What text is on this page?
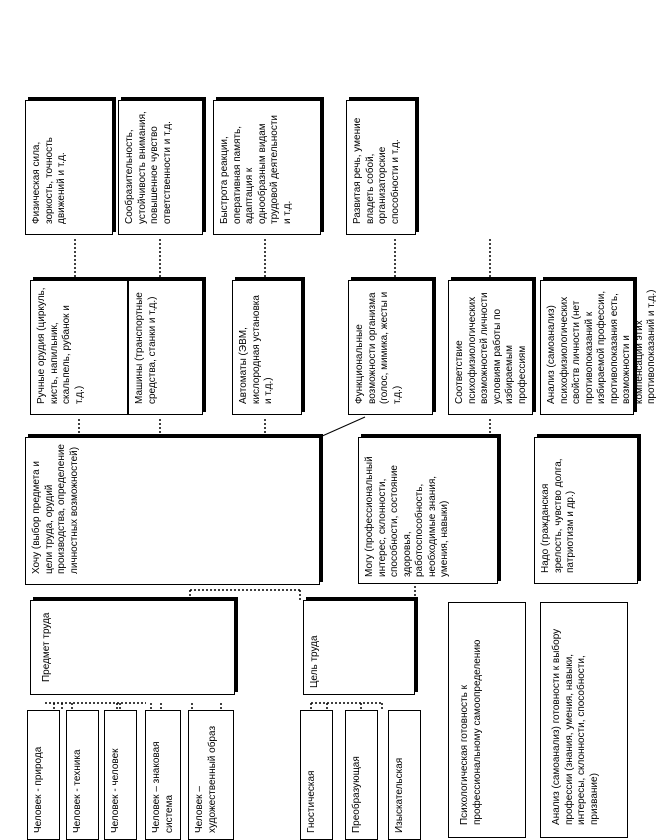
Человек - природа	Человек - техника	Человек - человек	Человек – знаковая система Человек – художественный образ	Гностическая	Преобразующая	Изыскательская
Предмет труда	Цель труда
Хочу (выбор предмета и цели труда, орудий производства, определение личностных возможностей)	Могу (профессиональный интерес, склонности, способности, состояние здоровья, работоспособность, необходимые знания, умения, навыки)	Надо (гражданская зрелость, чувство долга, патриотизм и др.)
Психологическая готовность к профессиональному самоопределению	Анализ (самоанализ) готовности к выбору профессии (знания, умения, навыки, интересы, склонности, способности, призвание)
Ручные орудия (циркуль, кисть, напильник, скальпель, рубанок и т.д.)	Машины (транспортные средства, станки и т.д.)	Автоматы (ЭВМ, кислородная установка и т.д.)	Функциональные возможности организма (голос, мимика, жесты и т.д.)	Соответствие психофизиологических возможностей личности условиям работы по избираемым профессиям Анализ (самоанализ) психофизиологических свойств личности (нет противопоказаний к избираемой профессии, противопоказания есть, возможности и компенсации этих противопоказаний и т.д.)
Физическая сила, зоркость, точность движений и т.д.	Сообразительность, устойчивость внимания, повышенное чувство ответственности и т.д.	Быстрота реакции, оперативная память, адаптация к однообразным видам трудовой деятельности и т.д.	Развитая речь, умение владеть собой, организаторские способности и т.д.
